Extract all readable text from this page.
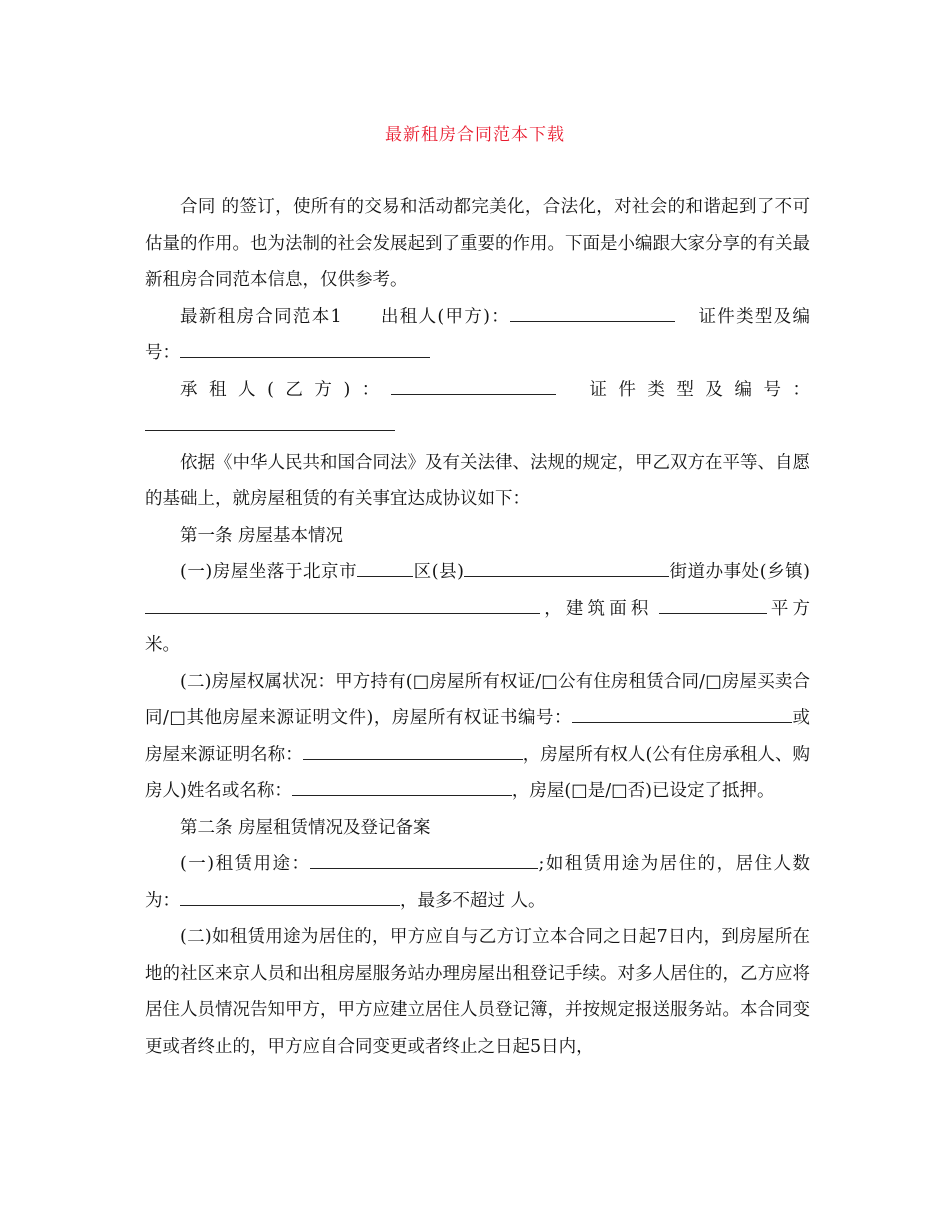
最新租房合同范本下载

合同 的签订，使所有的交易和活动都完美化，合法化，对社会的和谐起到了不可估量的作用。也为法制的社会发展起到了重要的作用。下面是小编跟大家分享的有关最新租房合同范本信息，仅供参考。

最新租房合同范本1 出租人(甲方)：	证件类型及编号：

承租人(乙方)：	证件类型及编号：

依据《中华人民共和国合同法》及有关法律、法规的规定，甲乙双方在平等、自愿的基础上，就房屋租赁的有关事宜达成协议如下：

第一条 房屋基本情况

(一)房屋坐落于北京市	区(县)	街道办事处(乡镇)，建筑面积	平方米。

(二)房屋权属状况：甲方持有(□房屋所有权证/□公有住房租赁合同/□房屋买卖合同/□其他房屋来源证明文件)，房屋所有权证书编号：	或房屋来源证明名称：	，房屋所有权人(公有住房承租人、购房人)姓名或名称：	，房屋(□是/□否)已设定了抵押。

第二条 房屋租赁情况及登记备案

(一)租赁用途：	;如租赁用途为居住的，居住人数为：	，最多不超过 人。

(二)如租赁用途为居住的，甲方应自与乙方订立本合同之日起7日内，到房屋所在地的社区来京人员和出租房屋服务站办理房屋出租登记手续。对多人居住的，乙方应将居住人员情况告知甲方，甲方应建立居住人员登记簿，并按规定报送服务站。本合同变更或者终止的，甲方应自合同变更或者终止之日起5日内，
